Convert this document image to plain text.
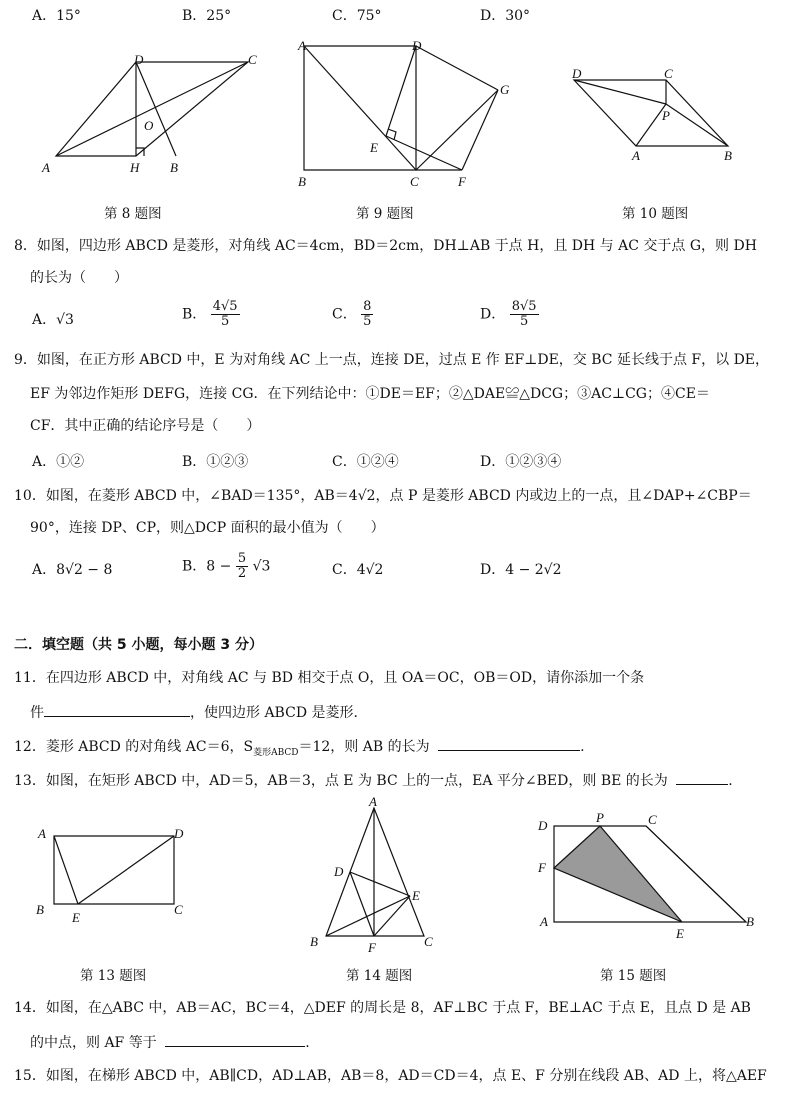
A．15°	B．25°	C．75°	D．30°
A	H B
C
D
O
第 8 题图
A	D
B	C	F
E
G
第 9 题图
D	C
P
A	B
第 10 题图
8．如图，四边形 ABCD 是菱形，对角线 AC＝4cm，BD＝2cm，DH⊥AB 于点 H，且 DH 与 AC 交于点 G，则 DH
的长为（　　）
A．√3	B． $\frac{4√5}{5}$	C． $\frac{8}{5}$	D． $\frac{8√5}{5}$
9．如图，在正方形 ABCD 中，E 为对角线 AC 上一点，连接 DE，过点 E 作 EF⊥DE，交 BC 延长线于点 F，以 DE，
EF 为邻边作矩形 DEFG，连接 CG．在下列结论中：①DE＝EF；②△DAE≌△DCG；③AC⊥CG；④CE＝
CF．其中正确的结论序号是（　　）
A．①②	B．①②③	C．①②④	D．①②③④
10．如图，在菱形 ABCD 中，∠BAD＝135°，AB＝4√2，点 P 是菱形 ABCD 内或边上的一点，且∠DAP+∠CBP＝
90°，连接 DP、CP，则△DCP 面积的最小值为（　　）
A．8√2 − 8	B．$8 - \frac{5}{2} √3$	C．4√2	D．4 − 2√2
二．填空题（共 5 小题，每小题 3 分）
11．在四边形 ABCD 中，对角线 AC 与 BD 相交于点 O，且 OA＝OC，OB＝OD，请你添加一个条
件	，使四边形 ABCD 是菱形.
12．菱形 ABCD 的对角线 AC＝6，$S_{菱形ABCD}=12$，则 AB 的长为	.
13．如图，在矩形 ABCD 中，AD＝5，AB＝3，点 E 为 BC 上的一点，EA 平分∠BED，则 BE 的长为	.
A	D
B
E
C
第 13 题图
A
D
E
B	F	C
第 14 题图
D
P	C
F
A
E
B
第 15 题图
14．如图，在△ABC 中，AB＝AC，BC＝4，△DEF 的周长是 8，AF⊥BC 于点 F，BE⊥AC 于点 E，且点 D 是 AB
的中点，则 AF 等于	.
15．如图，在梯形 ABCD 中，AB∥CD，AD⊥AB，AB＝8，AD＝CD＝4，点 E、F 分别在线段 AB、AD 上，将△AEF
